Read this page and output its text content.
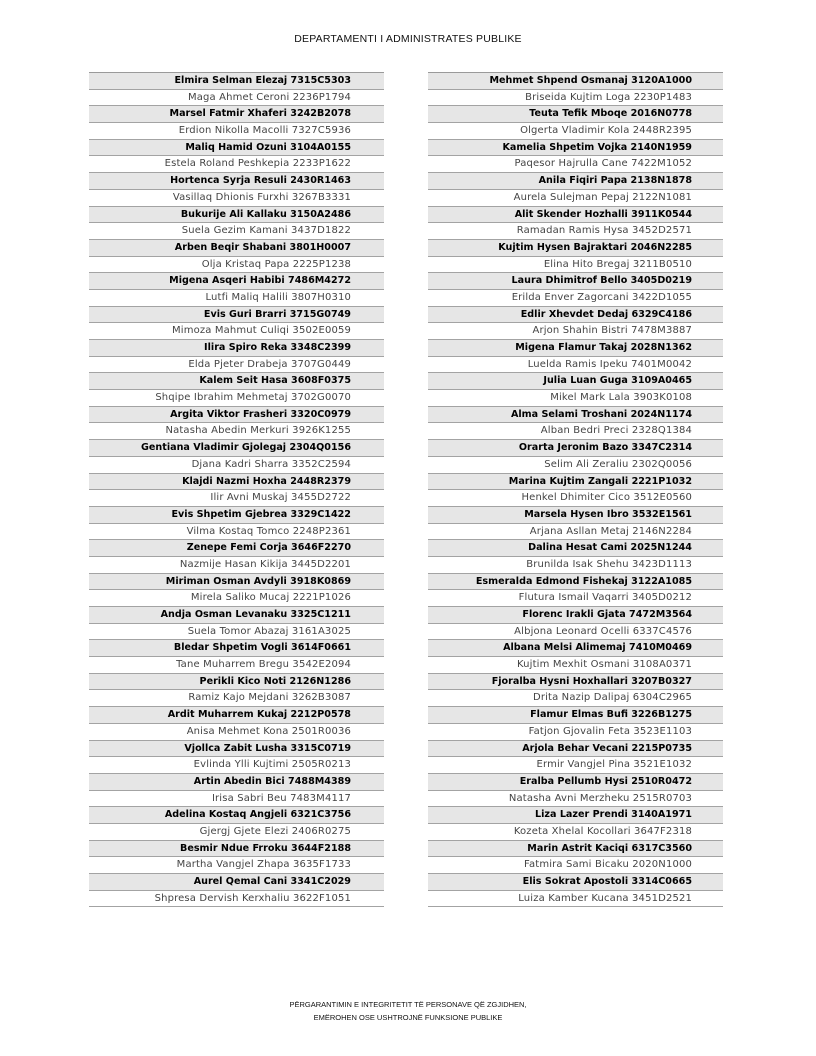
DEPARTAMENTI I ADMINISTRATES PUBLIKE
Elmira Selman Elezaj 7315C5303
Maga Ahmet Ceroni 2236P1794
Marsel Fatmir Xhaferi 3242B2078
Erdion Nikolla Macolli 7327C5936
Maliq Hamid Ozuni 3104A0155
Estela Roland Peshkepia 2233P1622
Hortenca Syrja Resuli 2430R1463
Vasillaq Dhionis Furxhi 3267B3331
Bukurije Ali Kallaku 3150A2486
Suela Gezim Kamani 3437D1822
Arben Beqir Shabani 3801H0007
Olja Kristaq Papa 2225P1238
Migena Asqeri Habibi 7486M4272
Lutfi Maliq Halili 3807H0310
Evis Guri Brarri 3715G0749
Mimoza Mahmut Culiqi 3502E0059
Ilira Spiro Reka 3348C2399
Elda Pjeter Drabeja 3707G0449
Kalem Seit Hasa 3608F0375
Shqipe Ibrahim Mehmetaj 3702G0070
Argita Viktor Frasheri 3320C0979
Natasha Abedin Merkuri 3926K1255
Gentiana Vladimir Gjolegaj 2304Q0156
Djana Kadri Sharra 3352C2594
Klajdi Nazmi Hoxha 2448R2379
Ilir Avni Muskaj 3455D2722
Evis Shpetim Gjebrea 3329C1422
Vilma Kostaq Tomco 2248P2361
Zenepe Femi Corja 3646F2270
Nazmije Hasan Kikija 3445D2201
Miriman Osman Avdyli 3918K0869
Mirela Saliko Mucaj 2221P1026
Andja Osman Levanaku 3325C1211
Suela Tomor Abazaj 3161A3025
Bledar Shpetim Vogli 3614F0661
Tane Muharrem Bregu 3542E2094
Perikli Kico Noti 2126N1286
Ramiz Kajo Mejdani 3262B3087
Ardit Muharrem Kukaj 2212P0578
Anisa Mehmet Kona 2501R0036
Vjollca Zabit Lusha 3315C0719
Evlinda Ylli Kujtimi 2505R0213
Artin Abedin Bici 7488M4389
Irisa Sabri Beu 7483M4117
Adelina Kostaq Angjeli 6321C3756
Gjergj Gjete Elezi 2406R0275
Besmir Ndue Frroku 3644F2188
Martha Vangjel Zhapa 3635F1733
Aurel Qemal Cani 3341C2029
Shpresa Dervish Kerxhaliu 3622F1051
Mehmet Shpend Osmanaj 3120A1000
Briseida Kujtim Loga 2230P1483
Teuta Tefik Mboqe 2016N0778
Olgerta Vladimir Kola 2448R2395
Kamelia Shpetim Vojka 2140N1959
Paqesor Hajrulla Cane 7422M1052
Anila Fiqiri Papa 2138N1878
Aurela Sulejman Pepaj 2122N1081
Alit Skender Hozhalli 3911K0544
Ramadan Ramis Hysa 3452D2571
Kujtim Hysen Bajraktari 2046N2285
Elina Hito Bregaj 3211B0510
Laura Dhimitrof Bello 3405D0219
Erilda Enver Zagorcani 3422D1055
Edlir Xhevdet Dedaj 6329C4186
Arjon Shahin Bistri 7478M3887
Migena Flamur Takaj 2028N1362
Luelda Ramis Ipeku 7401M0042
Julia Luan Guga 3109A0465
Mikel Mark Lala 3903K0108
Alma Selami Troshani 2024N1174
Alban Bedri Preci 2328Q1384
Orarta Jeronim Bazo 3347C2314
Selim Ali Zeraliu 2302Q0056
Marina Kujtim Zangali 2221P1032
Henkel Dhimiter Cico 3512E0560
Marsela Hysen Ibro 3532E1561
Arjana Asllan Metaj 2146N2284
Dalina Hesat Cami 2025N1244
Brunilda Isak Shehu 3423D1113
Esmeralda Edmond Fishekaj 3122A1085
Flutura Ismail Vaqarri 3405D0212
Florenc Irakli Gjata 7472M3564
Albjona Leonard Ocelli 6337C4576
Albana Melsi Alimemaj 7410M0469
Kujtim Mexhit Osmani 3108A0371
Fjoralba Hysni Hoxhallari 3207B0327
Drita Nazip Dalipaj 6304C2965
Flamur Elmas Bufi 3226B1275
Fatjon Gjovalin Feta 3523E1103
Arjola Behar Vecani 2215P0735
Ermir Vangjel Pina 3521E1032
Eralba Pellumb Hysi 2510R0472
Natasha Avni Merzheku 2515R0703
Liza Lazer Prendi 3140A1971
Kozeta Xhelal Kocollari 3647F2318
Marin Astrit Kaciqi 6317C3560
Fatmira Sami Bicaku 2020N1000
Elis Sokrat Apostoli 3314C0665
Luiza Kamber Kucana 3451D2521
PËRGARANTIMIN E INTEGRITETIT TË PERSONAVE QË ZGJIDHEN,
EMËROHEN OSE USHTROJNË FUNKSIONE PUBLIKE
